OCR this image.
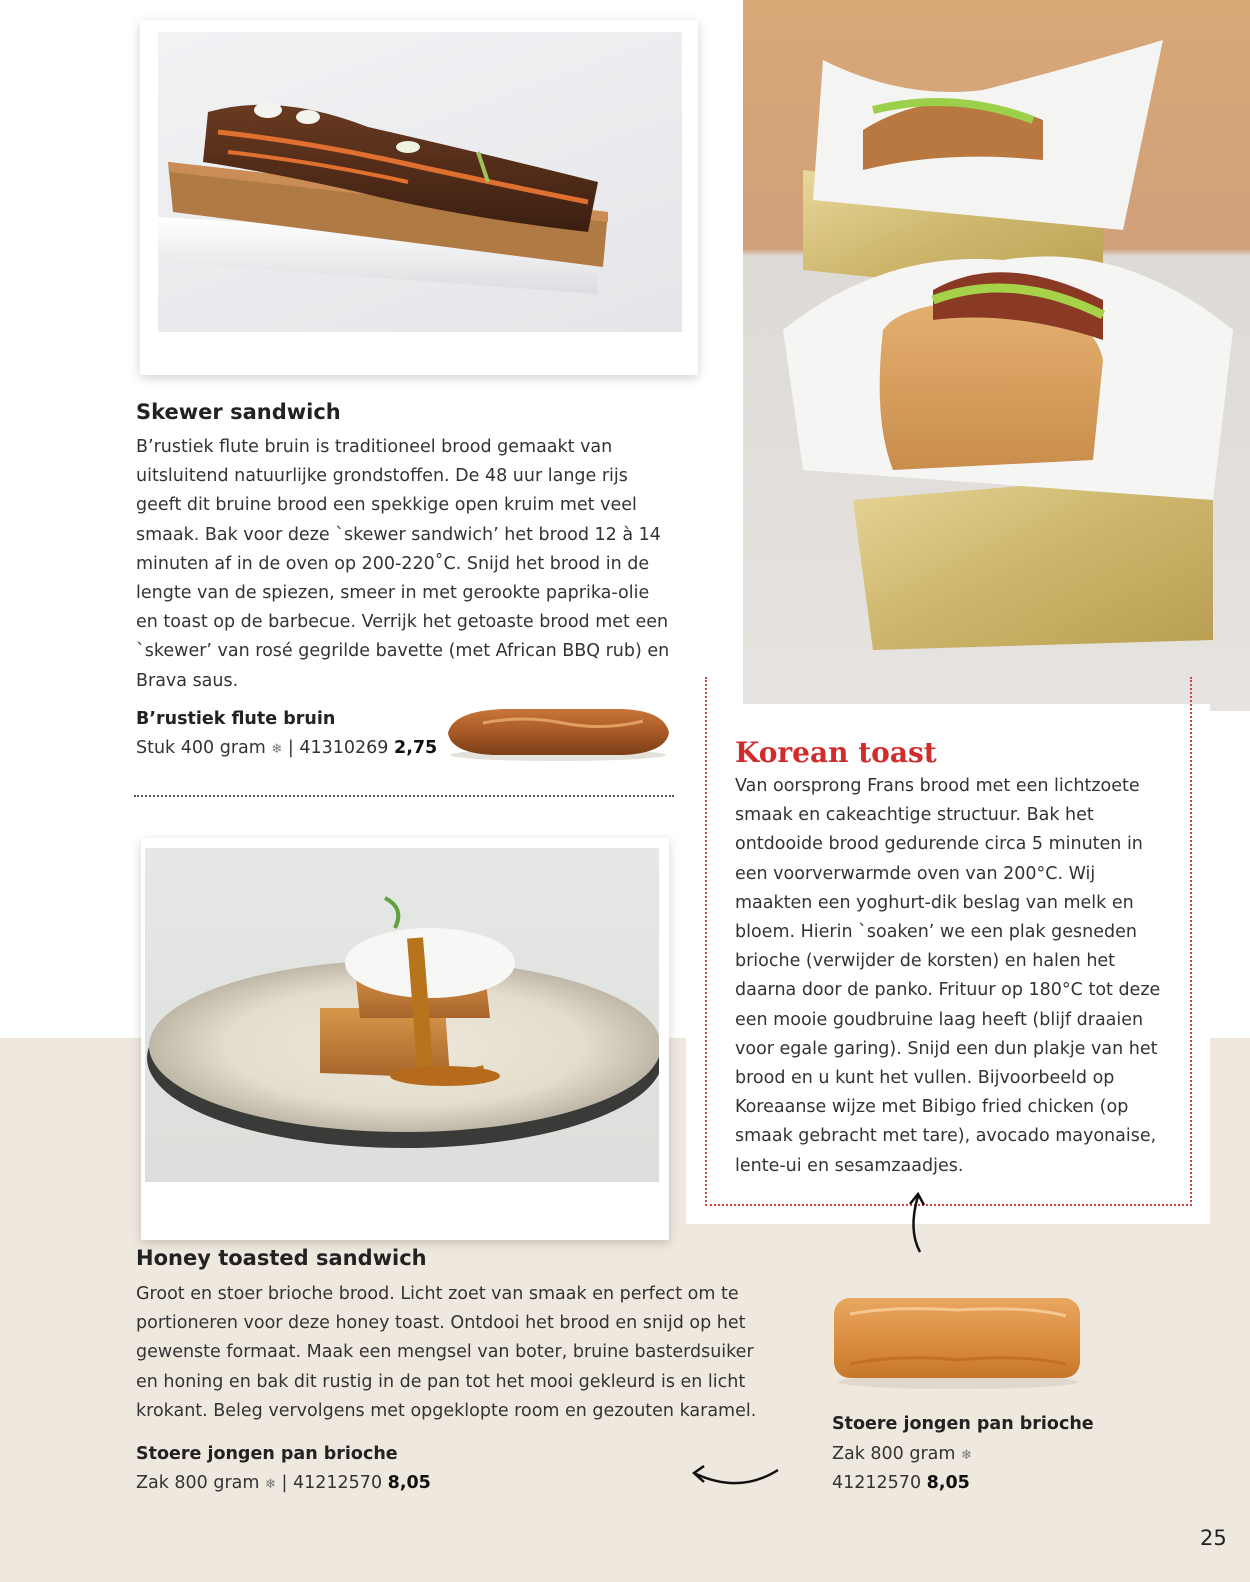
Skewer sandwich

B’rustiek flute bruin is traditioneel brood gemaakt van uitsluitend natuurlijke grondstoffen. De 48 uur lange rijs geeft dit bruine brood een spekkige open kruim met veel smaak. Bak voor deze `skewer sandwich’ het brood 12 à 14 minuten af in de oven op 200-220˚C. Snijd het brood in de lengte van de spiezen, smeer in met gerookte paprika-olie en toast op de barbecue. Verrijk het getoaste brood met een `skewer’ van rosé gegrilde bavette (met African BBQ rub) en Brava saus.

B’rustiek flute bruin

Stuk 400 gram ❄ | 41310269 2,75	Korean toast

Van oorsprong Frans brood met een lichtzoete smaak en cakeachtige structuur. Bak het ontdooide brood gedurende circa 5 minuten in een voorverwarmde oven van 200°C. Wij maakten een yoghurt-dik beslag van melk en bloem. Hierin `soaken’ we een plak gesneden brioche (verwijder de korsten) en halen het daarna door de panko. Frituur op 180°C tot deze een mooie goudbruine laag heeft (blijf draaien voor egale garing). Snijd een dun plakje van het brood en u kunt het vullen. Bijvoorbeeld op Koreaanse wijze met Bibigo fried chicken (op smaak gebracht met tare), avocado mayonaise, lente-ui en sesamzaadjes.

Honey toasted sandwich

Groot en stoer brioche brood. Licht zoet van smaak en perfect om te portioneren voor deze honey toast. Ontdooi het brood en snijd op het gewenste formaat. Maak een mengsel van boter, bruine basterdsuiker en honing en bak dit rustig in de pan tot het mooi gekleurd is en licht krokant. Beleg vervolgens met opgeklopte room en gezouten karamel.

Stoere jongen pan brioche

Zak 800 gram ❄ | 41212570 8,05

Stoere jongen pan brioche

Zak 800 gram ❄

41212570 8,05

25
